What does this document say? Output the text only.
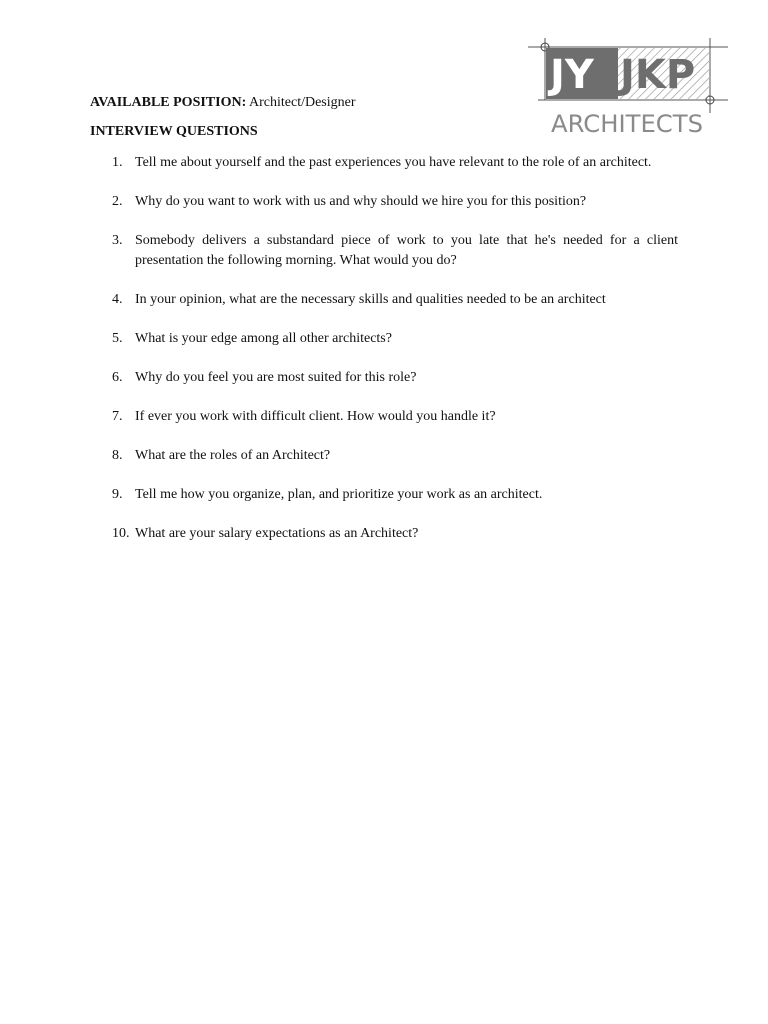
JY JKP
ARCHITECTS
AVAILABLE POSITION: Architect/Designer
INTERVIEW QUESTIONS
1. Tell me about yourself and the past experiences you have relevant to the role of an architect.
2. Why do you want to work with us and why should we hire you for this position?
3. Somebody delivers a substandard piece of work to you late that he's needed for a client presentation the following morning. What would you do?
4. In your opinion, what are the necessary skills and qualities needed to be an architect
5. What is your edge among all other architects?
6. Why do you feel you are most suited for this role?
7. If ever you work with difficult client. How would you handle it?
8. What are the roles of an Architect?
9. Tell me how you organize, plan, and prioritize your work as an architect.
10. What are your salary expectations as an Architect?
